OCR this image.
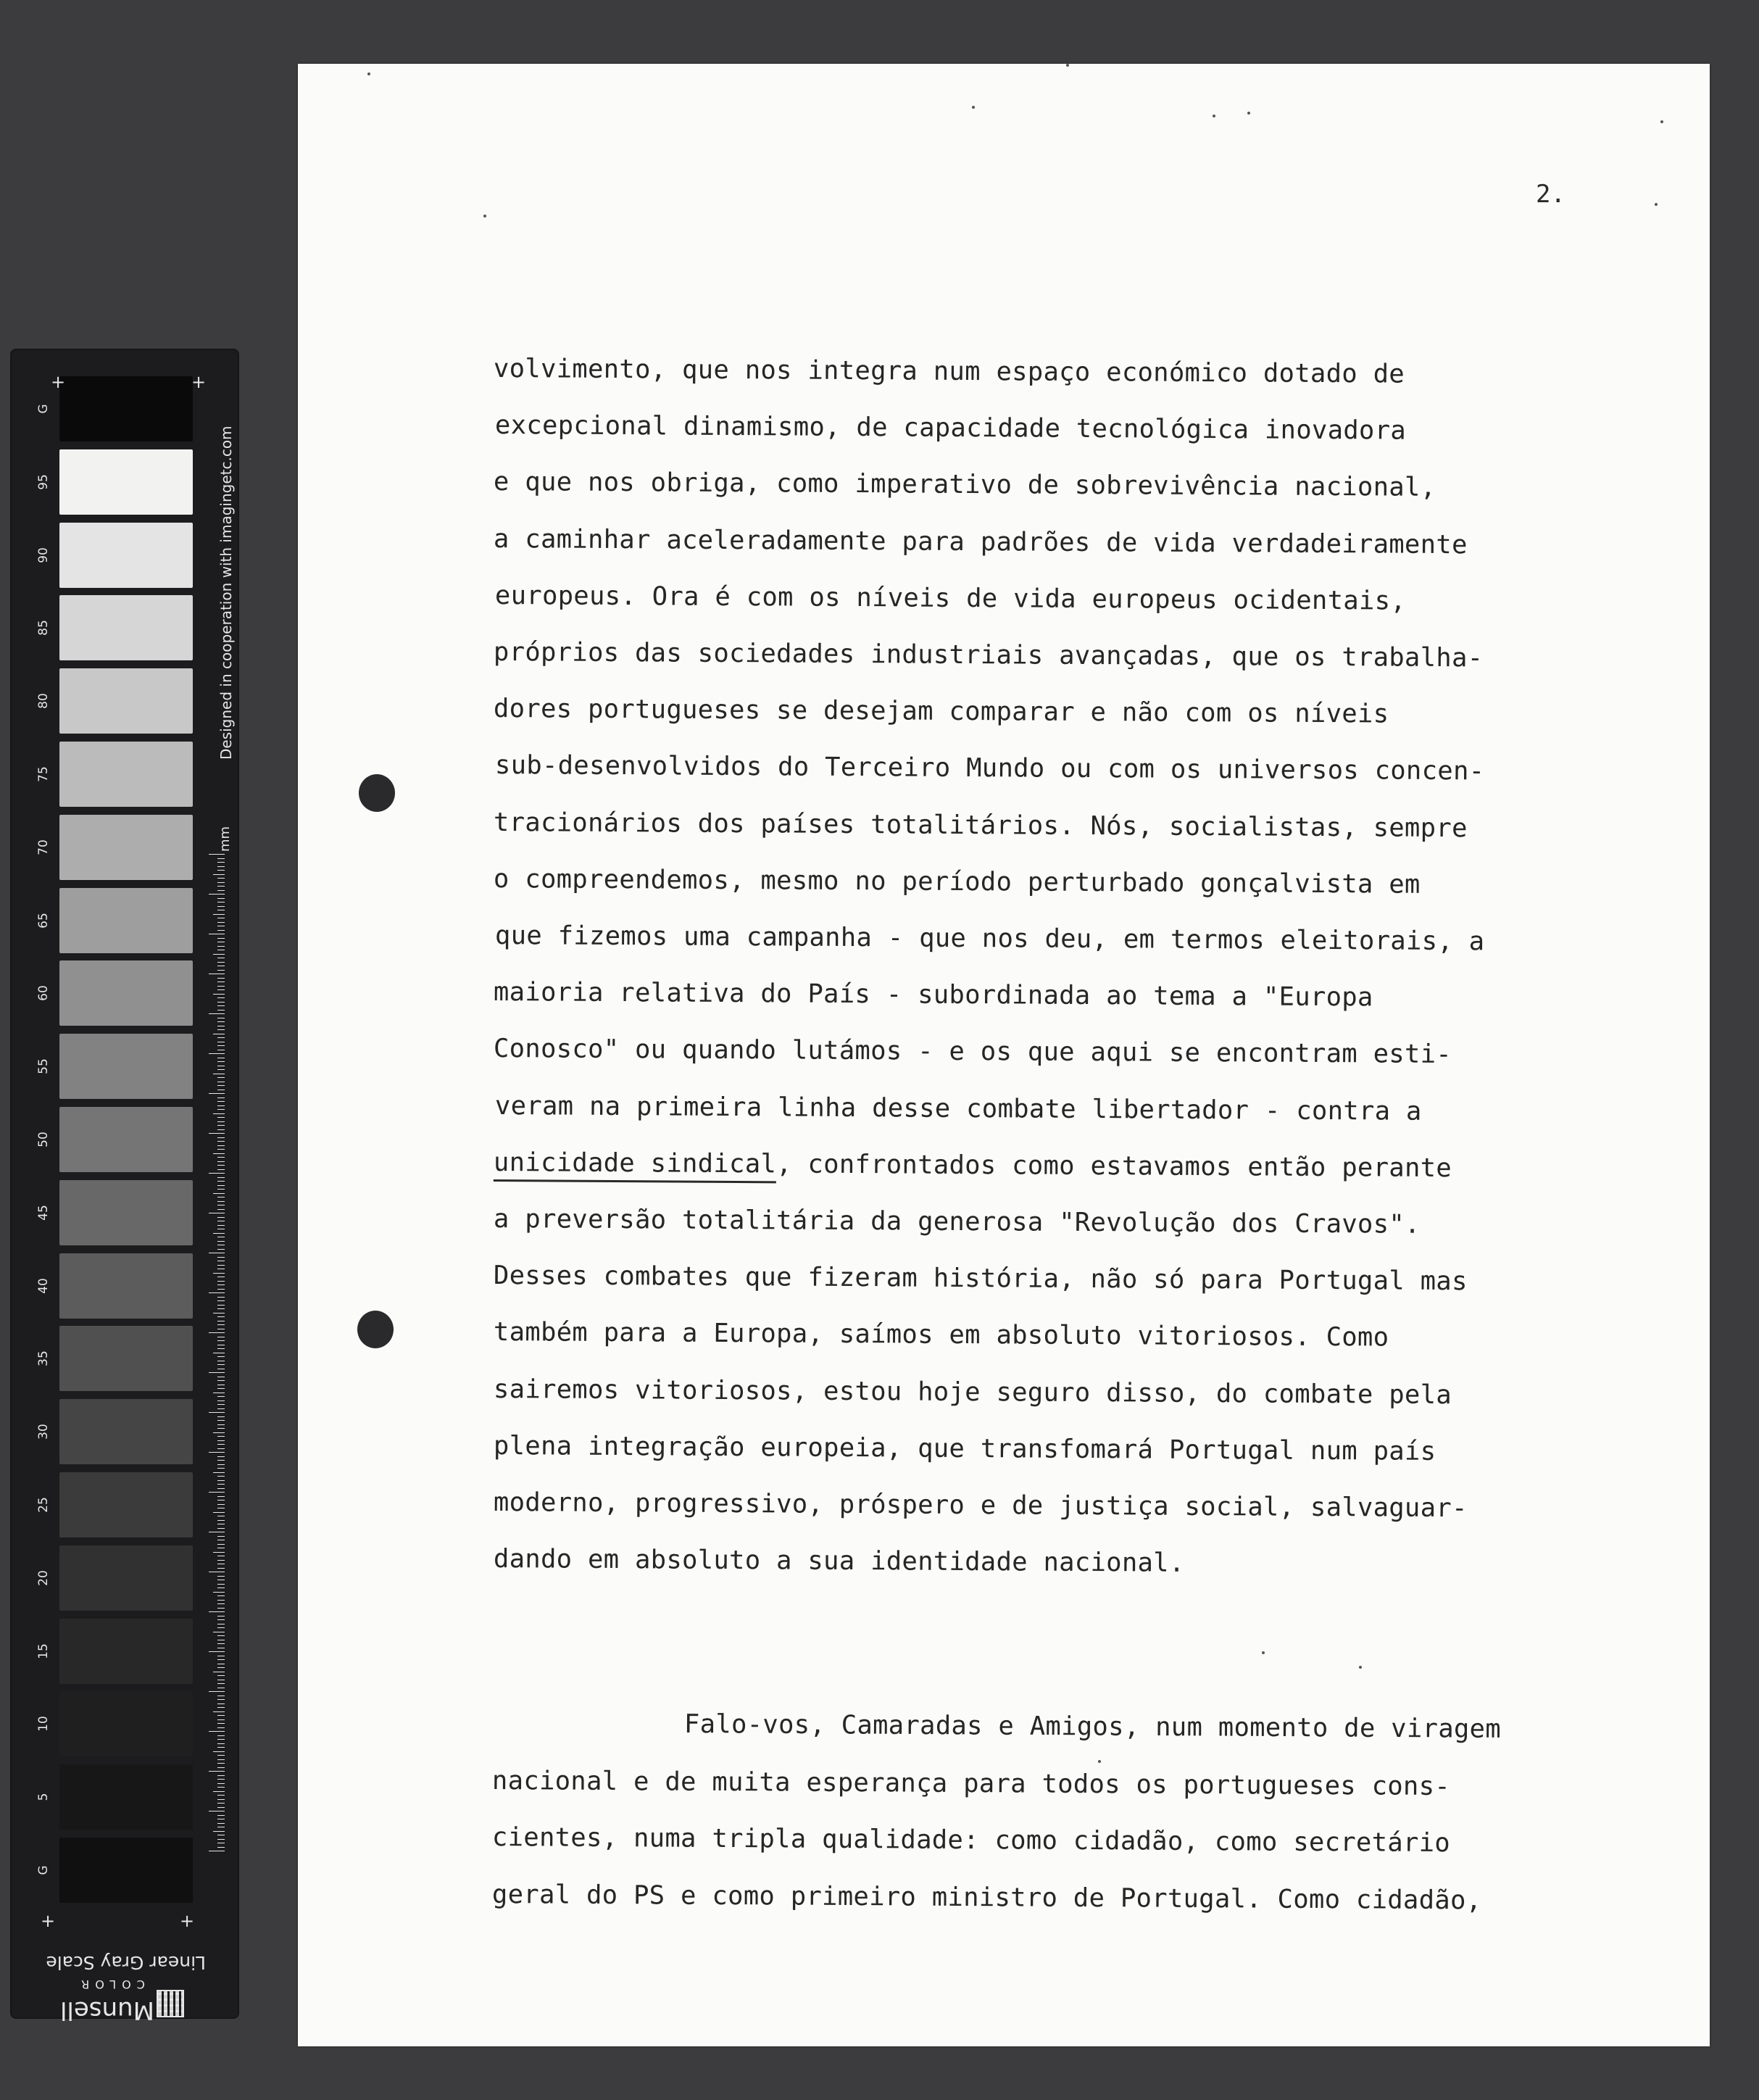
G
95
90
85
80
75
70
65
60
55
50
45
40
35
30
25
20
15
10
5
G
+	+
+	+
Designed in cooperation with imagingetc.com
mm
Linear Gray Scale
COLOR
Munsell
2.
volvimento, que nos integra num espaço económico dotado de
excepcional dinamismo, de capacidade tecnológica inovadora
e que nos obriga, como imperativo de sobrevivência nacional,
a caminhar aceleradamente para padrões de vida verdadeiramente
europeus. Ora é com os níveis de vida europeus ocidentais,
próprios das sociedades industriais avançadas, que os trabalha-
dores portugueses se desejam comparar e não com os níveis
sub-desenvolvidos do Terceiro Mundo ou com os universos concen-
tracionários dos países totalitários. Nós, socialistas, sempre
o compreendemos, mesmo no período perturbado gonçalvista em
que fizemos uma campanha - que nos deu, em termos eleitorais, a
maioria relativa do País - subordinada ao tema a "Europa
Conosco" ou quando lutámos - e os que aqui se encontram esti-
veram na primeira linha desse combate libertador - contra a
unicidade sindical, confrontados como estavamos então perante
a preversão totalitária da generosa "Revolução dos Cravos".
Desses combates que fizeram história, não só para Portugal mas
também para a Europa, saímos em absoluto vitoriosos. Como
sairemos vitoriosos, estou hoje seguro disso, do combate pela
plena integração europeia, que transfomará Portugal num país
moderno, progressivo, próspero e de justiça social, salvaguar-
dando em absoluto a sua identidade nacional.
Falo-vos, Camaradas e Amigos, num momento de viragem
nacional e de muita esperança para todos os portugueses cons-
cientes, numa tripla qualidade: como cidadão, como secretário
geral do PS e como primeiro ministro de Portugal. Como cidadão,
